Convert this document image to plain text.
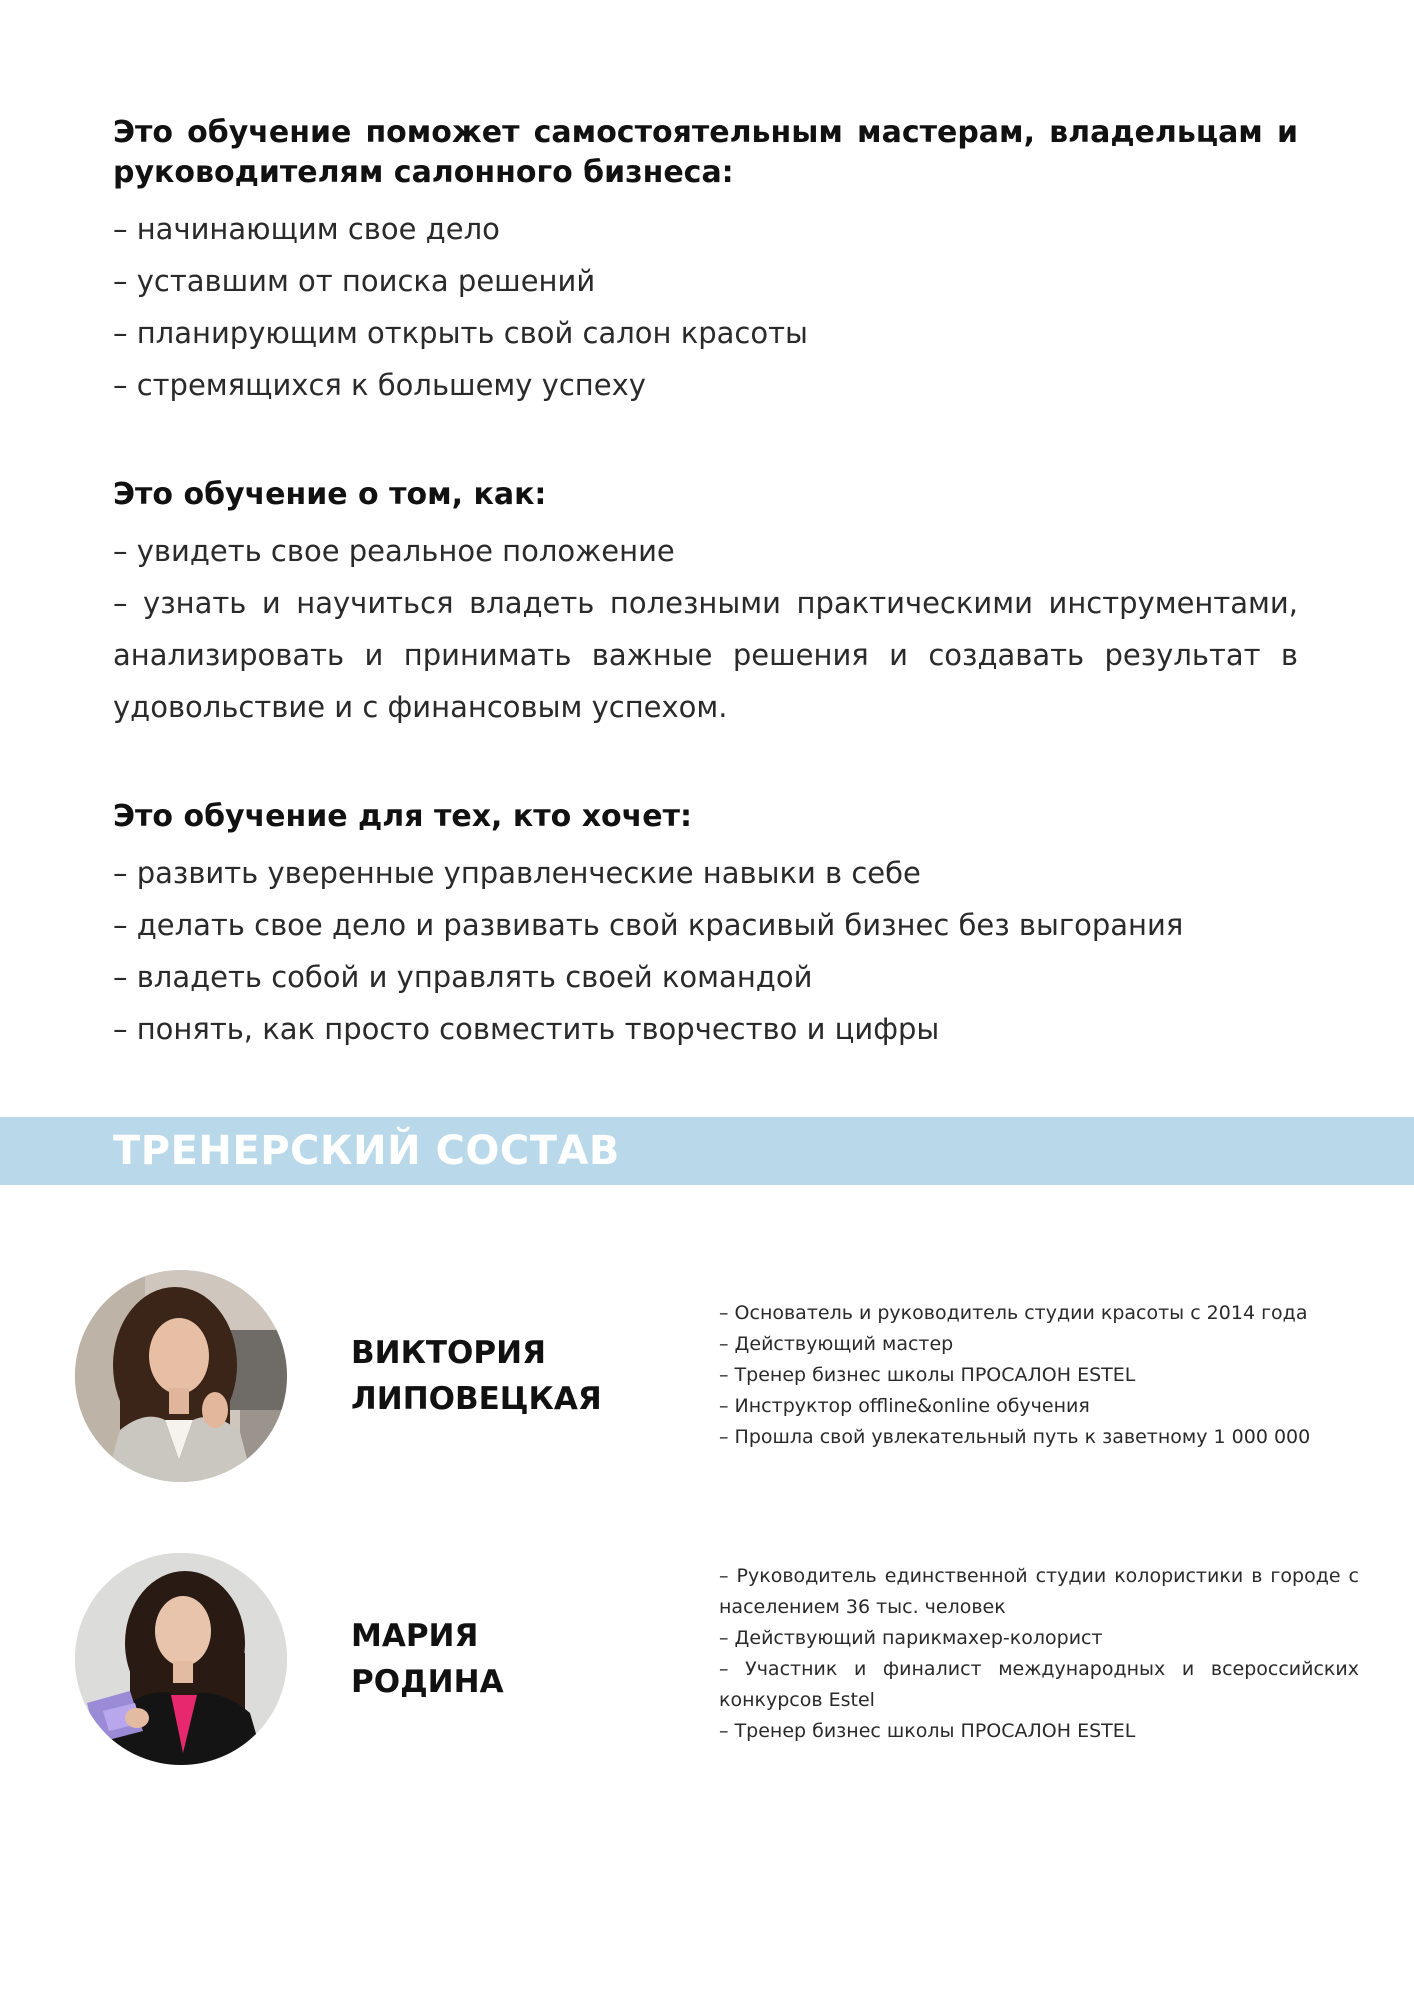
Это обучение поможет самостоятельным мастерам, владельцам и руководителям салонного бизнеса:
– начинающим свое дело
– уставшим от поиска решений
– планирующим открыть свой салон красоты
– стремящихся к большему успеху
Это обучение о том, как:
– увидеть свое реальное положение
– узнать и научиться владеть полезными практическими инструментами, анализировать и принимать важные решения и создавать результат в удовольствие и с финансовым успехом.
Это обучение для тех, кто хочет:
– развить уверенные управленческие навыки в себе
– делать свое дело и развивать свой красивый бизнес без выгорания
– владеть собой и управлять своей командой
– понять, как просто совместить творчество и цифры
ТРЕНЕРСКИЙ СОСТАВ
ВИКТОРИЯ
ЛИПОВЕЦКАЯ
– Основатель и руководитель студии красоты с 2014 года
– Действующий мастер
– Тренер бизнес школы ПРОСАЛОН ESTEL
– Инструктор offline&online обучения
– Прошла свой увлекательный путь к заветному 1 000 000
МАРИЯ
РОДИНА
– Руководитель единственной студии колористики в городе с населением 36 тыс. человек
– Действующий парикмахер-колорист
– Участник и финалист международных и всероссийских конкурсов Estel
– Тренер бизнес школы ПРОСАЛОН ESTEL
